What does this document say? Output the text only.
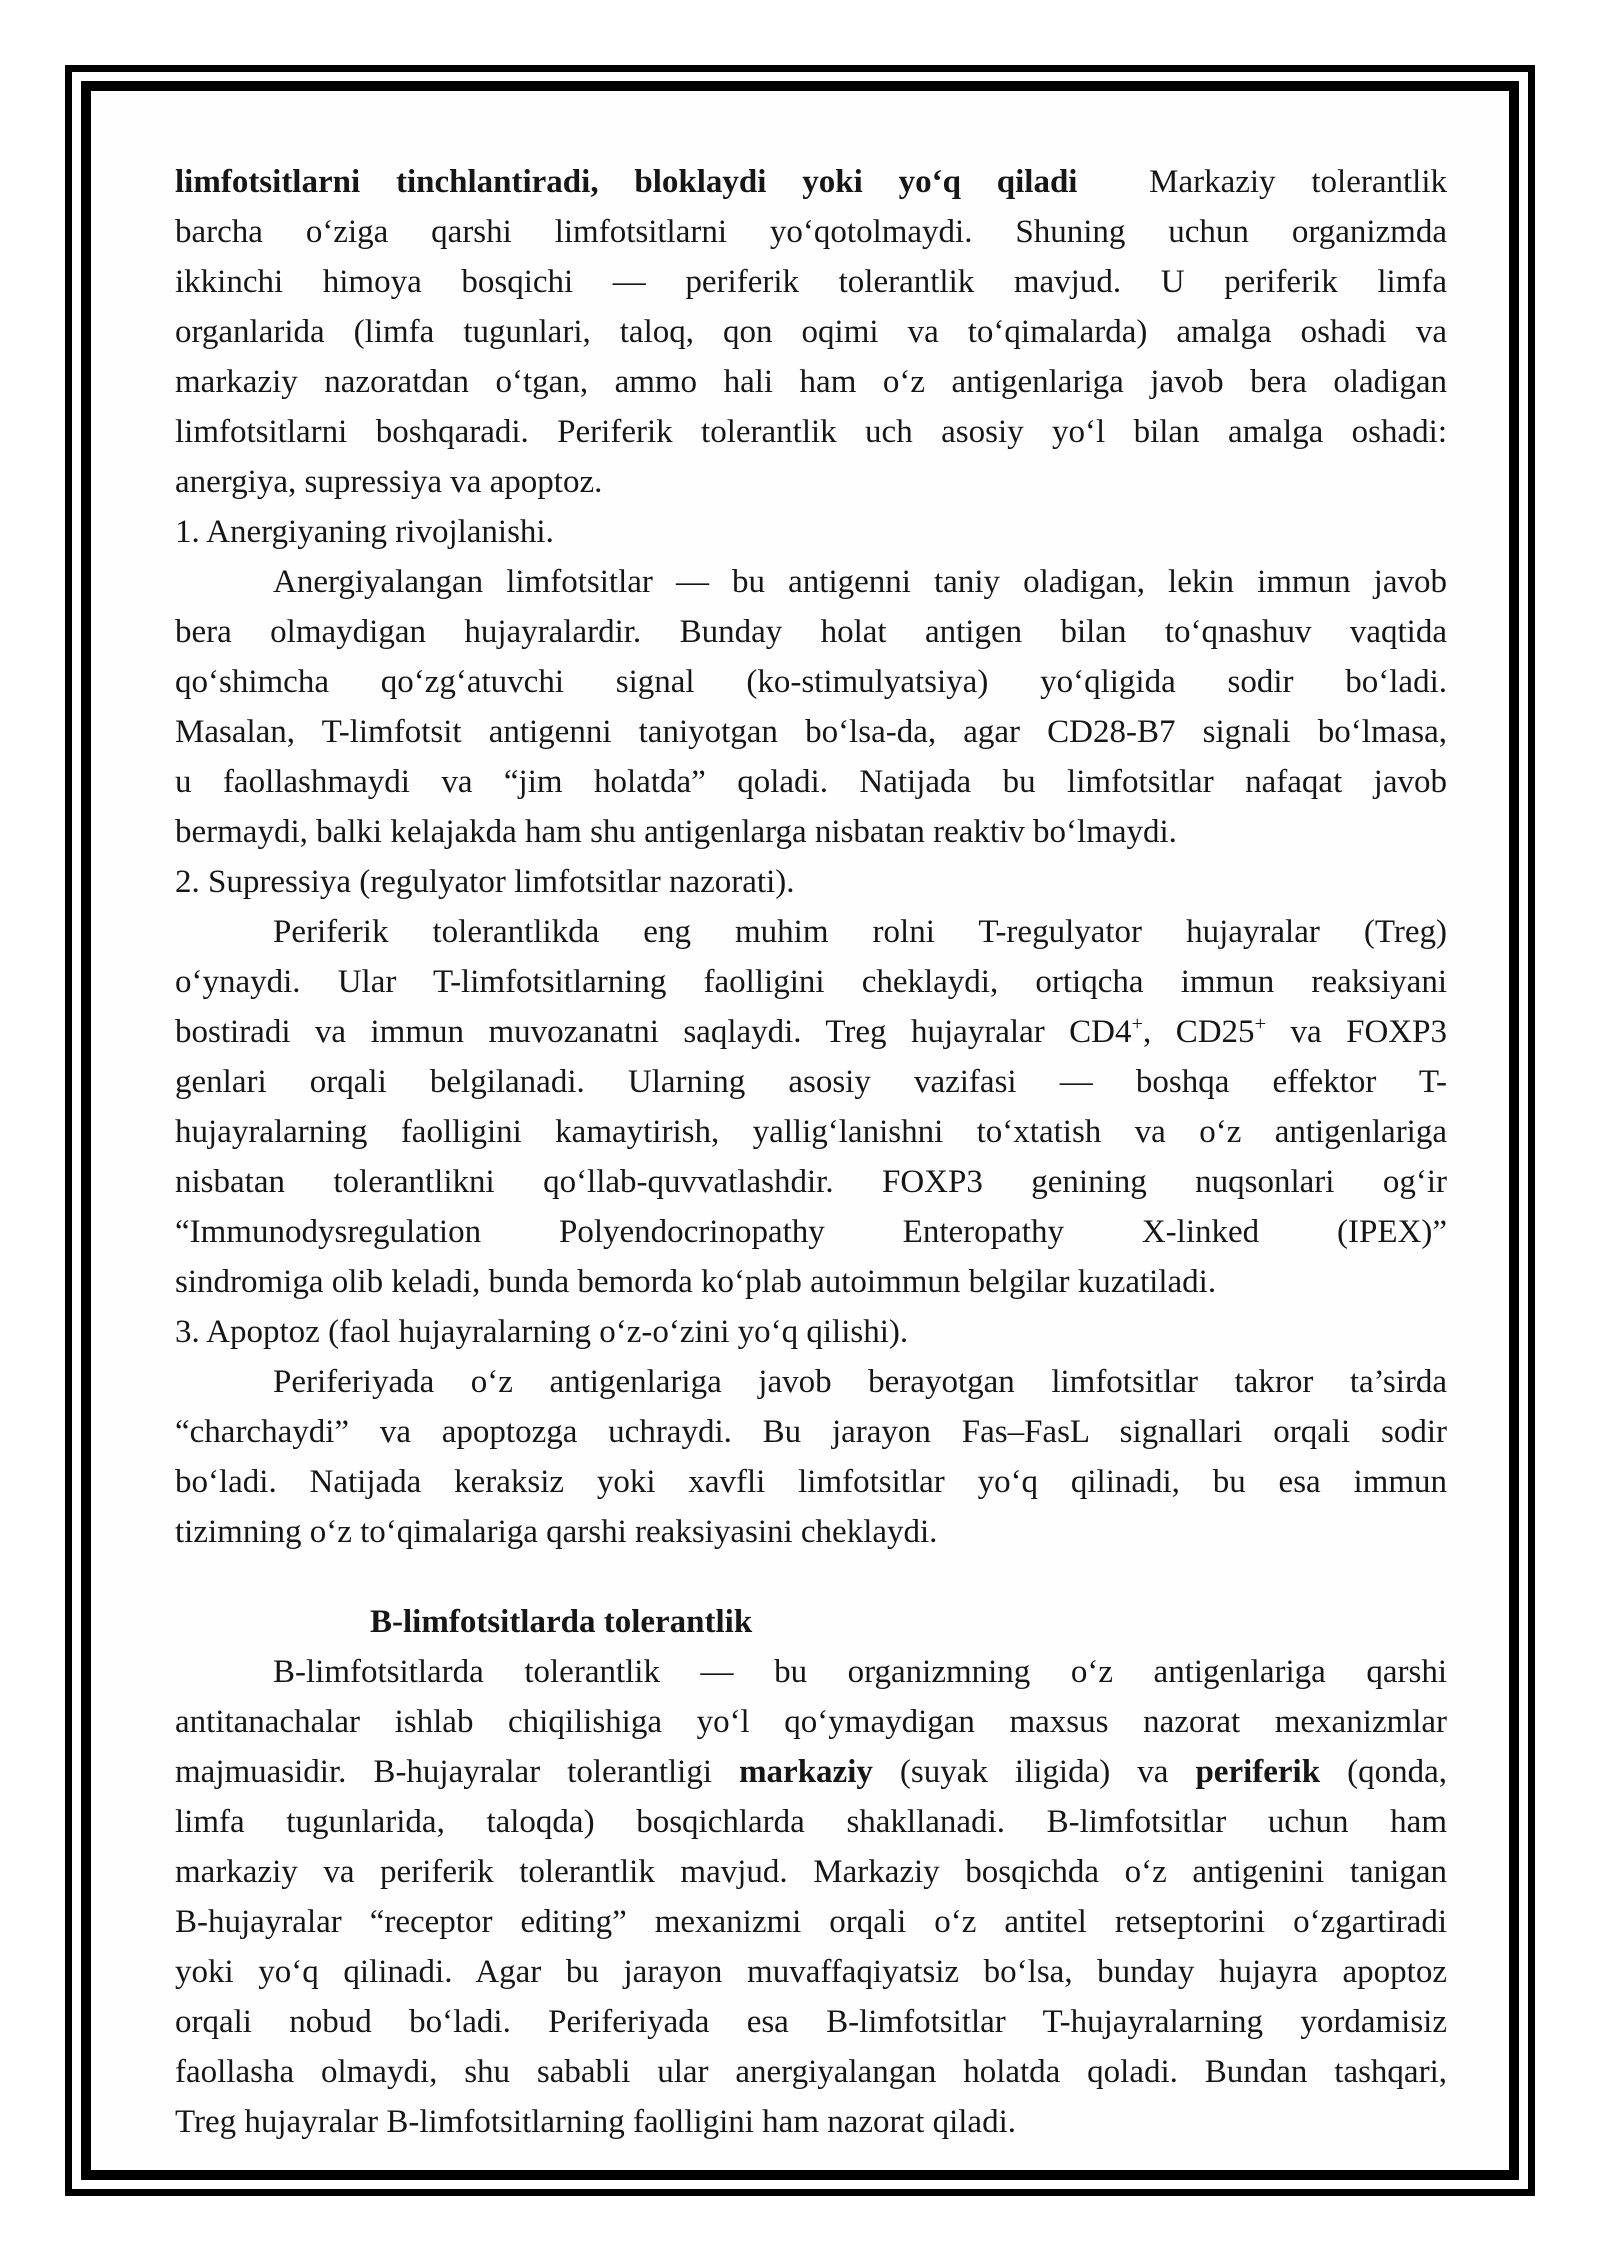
limfotsitlarni tinchlantiradi, bloklaydi yoki yo‘q qiladi  Markaziy tolerantlik
barcha o‘ziga qarshi limfotsitlarni yo‘qotolmaydi. Shuning uchun organizmda
ikkinchi himoya bosqichi — periferik tolerantlik mavjud. U periferik limfa
organlarida (limfa tugunlari, taloq, qon oqimi va to‘qimalarda) amalga oshadi va
markaziy nazoratdan o‘tgan, ammo hali ham o‘z antigenlariga javob bera oladigan
limfotsitlarni boshqaradi. Periferik tolerantlik uch asosiy yo‘l bilan amalga oshadi:
anergiya, supressiya va apoptoz.
1. Anergiyaning rivojlanishi.
Anergiyalangan limfotsitlar — bu antigenni taniy oladigan, lekin immun javob
bera olmaydigan hujayralardir. Bunday holat antigen bilan to‘qnashuv vaqtida
qo‘shimcha qo‘zg‘atuvchi signal (ko-stimulyatsiya) yo‘qligida sodir bo‘ladi.
Masalan, T-limfotsit antigenni taniyotgan bo‘lsa-da, agar CD28-B7 signali bo‘lmasa,
u faollashmaydi va “jim holatda” qoladi. Natijada bu limfotsitlar nafaqat javob
bermaydi, balki kelajakda ham shu antigenlarga nisbatan reaktiv bo‘lmaydi.
2. Supressiya (regulyator limfotsitlar nazorati).
Periferik tolerantlikda eng muhim rolni T-regulyator hujayralar (Treg)
o‘ynaydi. Ular T-limfotsitlarning faolligini cheklaydi, ortiqcha immun reaksiyani
bostiradi va immun muvozanatni saqlaydi. Treg hujayralar CD4+, CD25+ va FOXP3
genlari orqali belgilanadi. Ularning asosiy vazifasi — boshqa effektor T-
hujayralarning faolligini kamaytirish, yallig‘lanishni to‘xtatish va o‘z antigenlariga
nisbatan tolerantlikni qo‘llab-quvvatlashdir. FOXP3 genining nuqsonlari og‘ir
“Immunodysregulation Polyendocrinopathy Enteropathy X-linked (IPEX)”
sindromiga olib keladi, bunda bemorda ko‘plab autoimmun belgilar kuzatiladi.
3. Apoptoz (faol hujayralarning o‘z-o‘zini yo‘q qilishi).
Periferiyada o‘z antigenlariga javob berayotgan limfotsitlar takror ta’sirda
“charchaydi” va apoptozga uchraydi. Bu jarayon Fas–FasL signallari orqali sodir
bo‘ladi. Natijada keraksiz yoki xavfli limfotsitlar yo‘q qilinadi, bu esa immun
tizimning o‘z to‘qimalariga qarshi reaksiyasini cheklaydi.
B-limfotsitlarda tolerantlik
B-limfotsitlarda tolerantlik — bu organizmning o‘z antigenlariga qarshi
antitanachalar ishlab chiqilishiga yo‘l qo‘ymaydigan maxsus nazorat mexanizmlar
majmuasidir. B-hujayralar tolerantligi markaziy (suyak iligida) va periferik (qonda,
limfa tugunlarida, taloqda) bosqichlarda shakllanadi. B-limfotsitlar uchun ham
markaziy va periferik tolerantlik mavjud. Markaziy bosqichda o‘z antigenini tanigan
B-hujayralar “receptor editing” mexanizmi orqali o‘z antitel retseptorini o‘zgartiradi
yoki yo‘q qilinadi. Agar bu jarayon muvaffaqiyatsiz bo‘lsa, bunday hujayra apoptoz
orqali nobud bo‘ladi. Periferiyada esa B-limfotsitlar T-hujayralarning yordamisiz
faollasha olmaydi, shu sababli ular anergiyalangan holatda qoladi. Bundan tashqari,
Treg hujayralar B-limfotsitlarning faolligini ham nazorat qiladi.
